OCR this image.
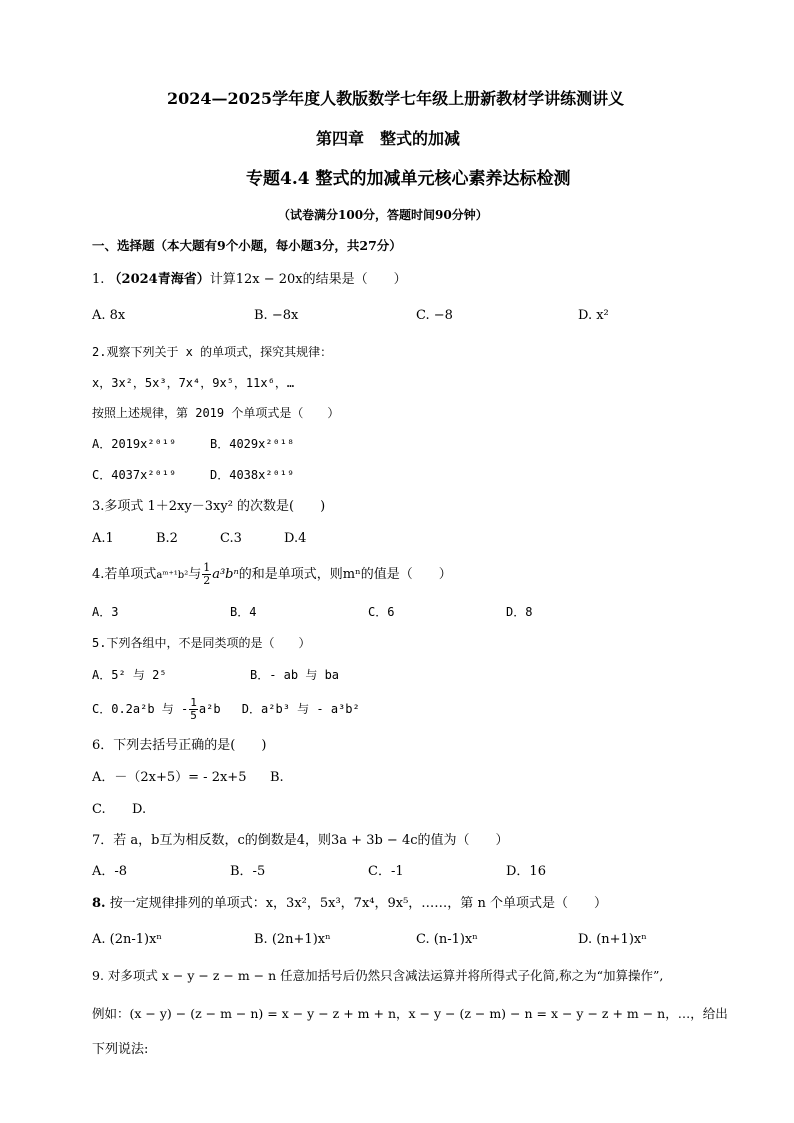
2024—2025学年度人教版数学七年级上册新教材学讲练测讲义
第四章　整式的加减
专题4.4 整式的加减单元核心素养达标检测
（试卷满分100分，答题时间90分钟）
一、选择题（本大题有9个小题，每小题3分，共27分）
1. （2024青海省）计算12x − 20x的结果是（　　）
A. 8x	B. −8x	C. −8	D. x²
2.观察下列关于 x 的单项式，探究其规律：
x，3x²，5x³，7x⁴，9x⁵，11x⁶，…
按照上述规律，第 2019 个单项式是（　　）
A．2019x²⁰¹⁹	B．4029x²⁰¹⁸
C．4037x²⁰¹⁹	D．4038x²⁰¹⁹
3.多项式 1＋2xy－3xy² 的次数是(　　)
A.1	B.2	C.3	D.4
4.若单项式aᵐ⁺¹b²与 $\frac{1}{2} a^3b^n$的和是单项式，则mⁿ的值是（　　）
A．3	B．4	C．6	D．8
5.下列各组中，不是同类项的是（　　）
A．5² 与 2⁵	B．- ab 与 ba
C．0.2a²b 与 - $\frac{1}{5} a^2b$ D．a²b³ 与 - a³b²
6．下列去括号正确的是(　　)
A．－（2x+5）= - 2x+5 B.
C. D.
7．若 a，b互为相反数，c的倒数是4，则3a + 3b − 4c的值为（　　）
A．-8	B．-5	C．-1	D．16
8. 按一定规律排列的单项式：x，3x²，5x³，7x⁴，9x⁵，……，第 n 个单项式是（　　）
A. (2n-1)xⁿ	B. (2n+1)xⁿ	C. (n-1)xⁿ	D. (n+1)xⁿ
9. 对多项式 x − y − z − m − n 任意加括号后仍然只含减法运算并将所得式子化简,称之为“加算操作”,
例如：(x − y) − (z − m − n) = x − y − z + m + n，x − y − (z − m) − n = x − y − z + m − n，…，给出
下列说法:
